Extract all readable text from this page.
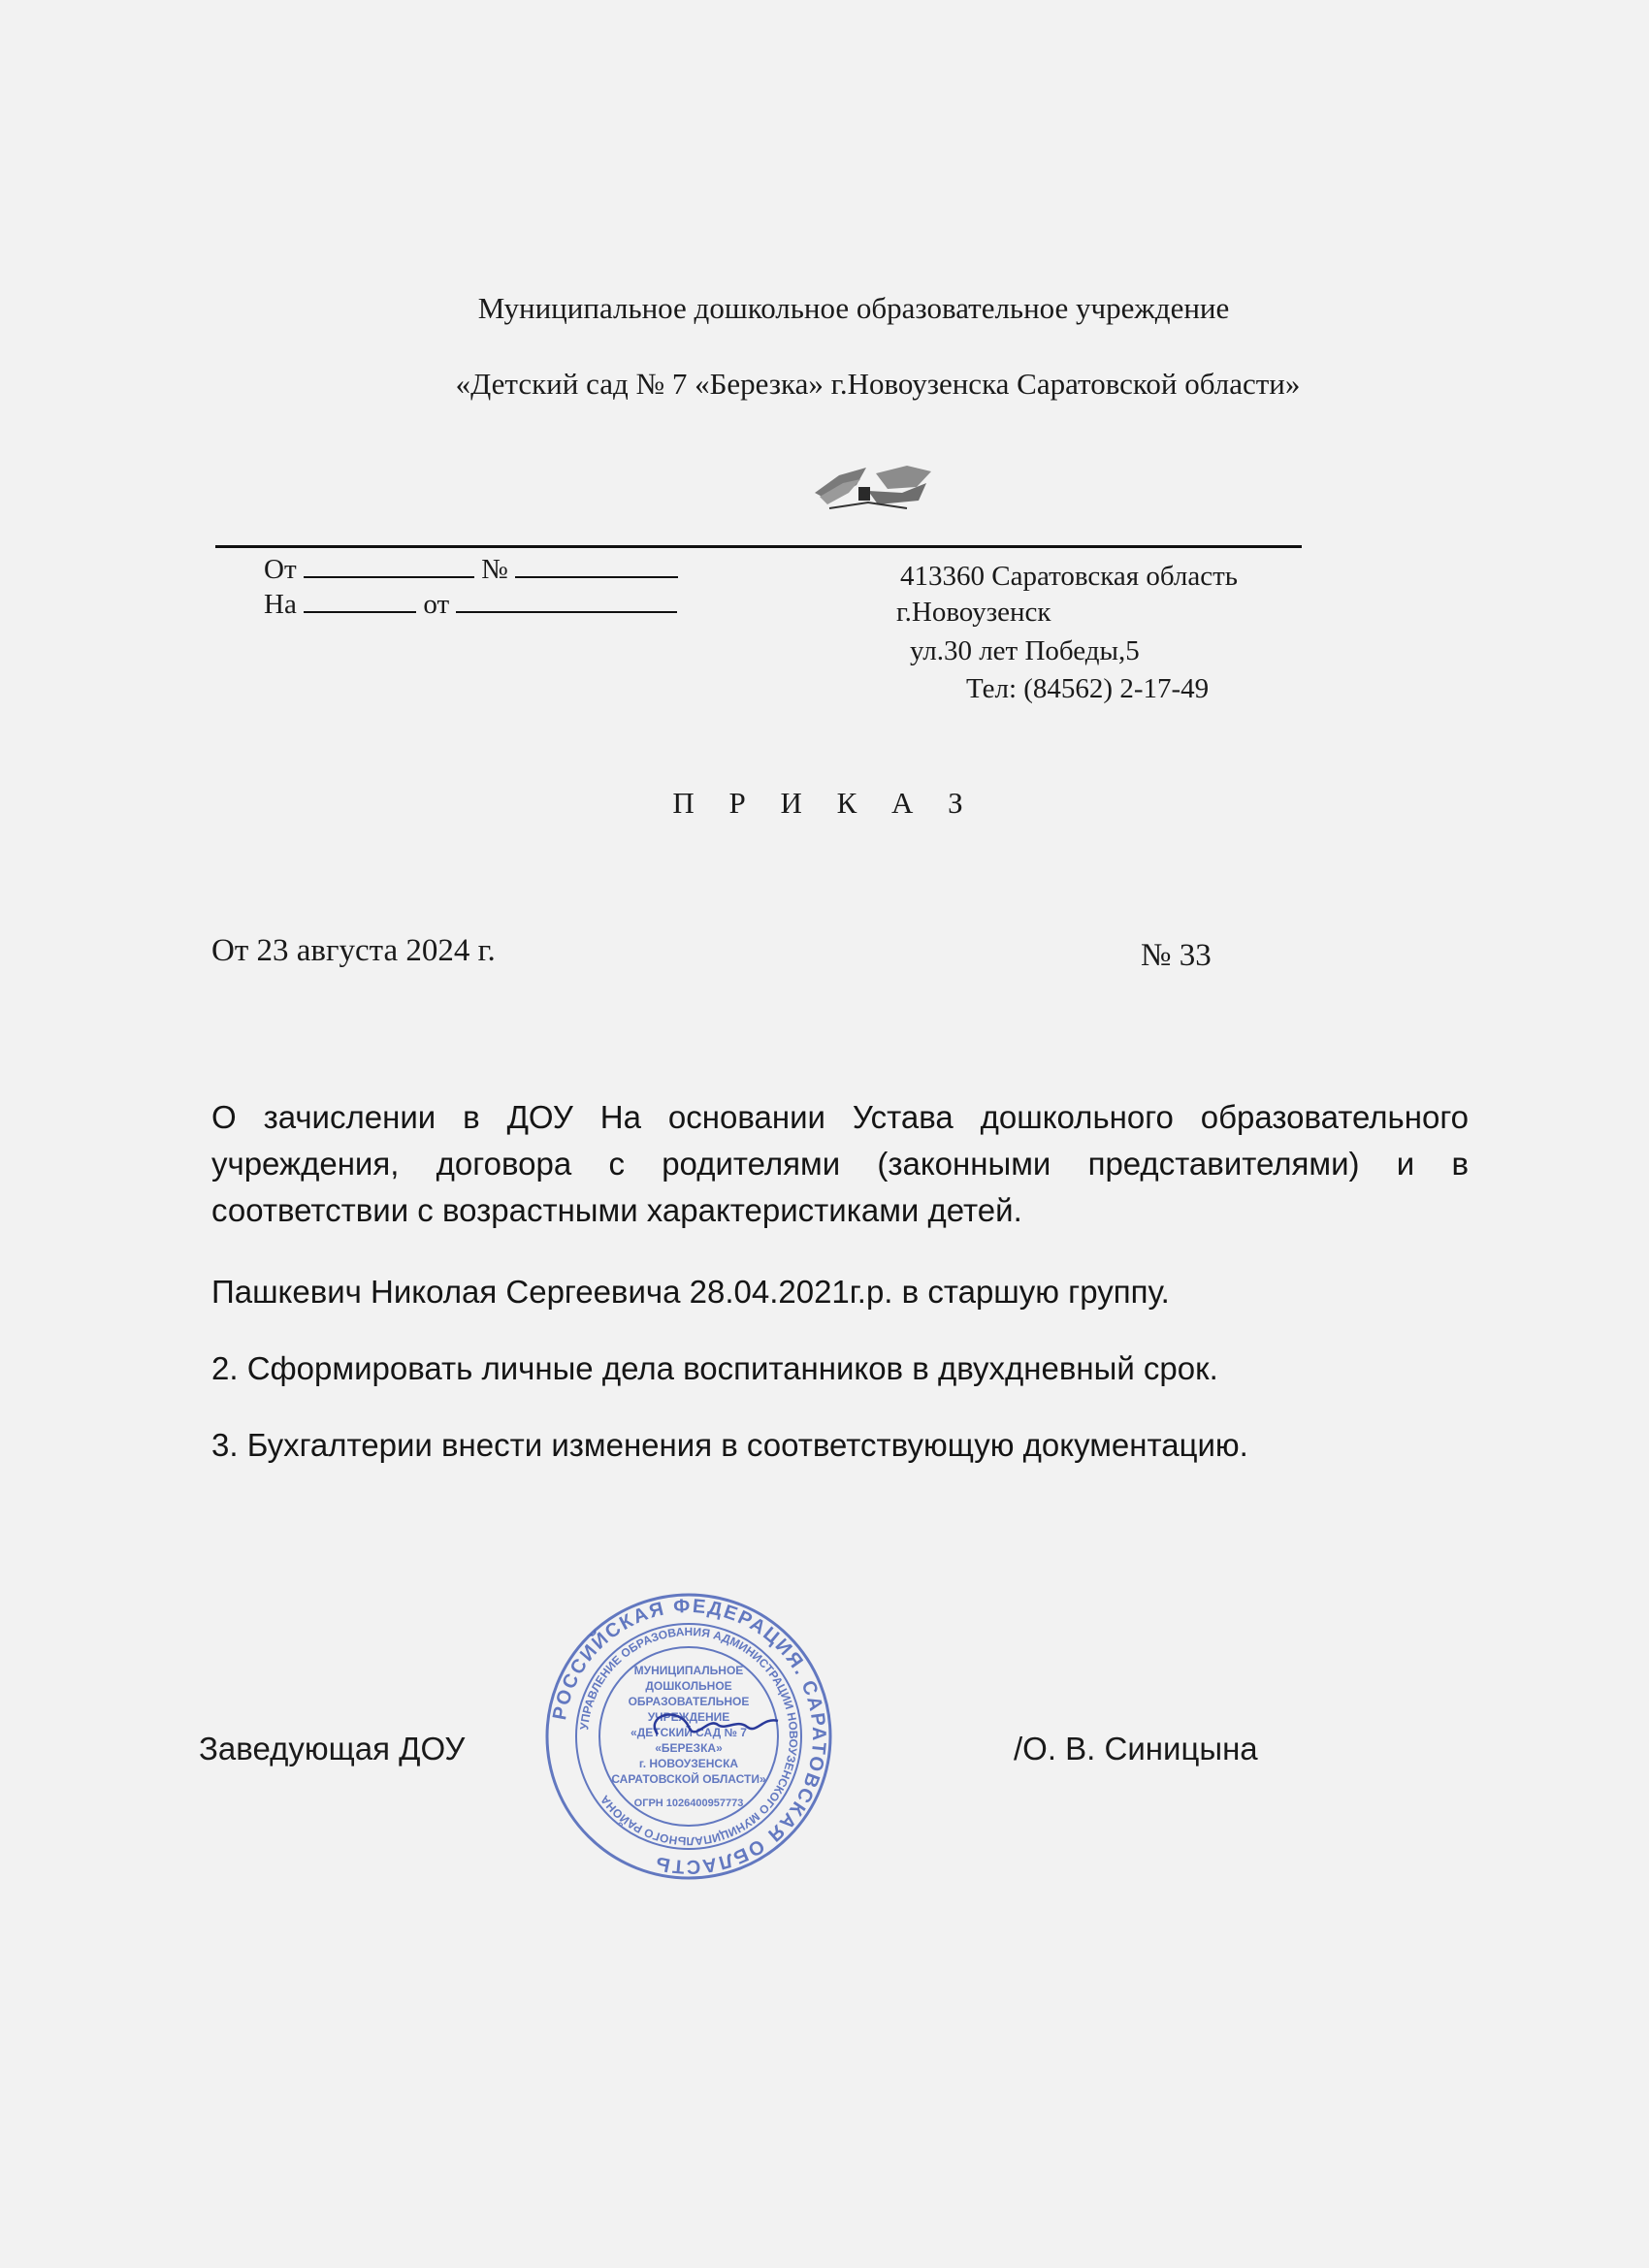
Муниципальное дошкольное образовательное учреждение
«Детский сад № 7 «Березка» г.Новоузенска Саратовской области»
От	№
На	от
413360 Саратовская область
г.Новоузенск
ул.30 лет Победы,5
Тел: (84562) 2-17-49
П Р И К А З
От 23 августа 2024 г.	№ 33
О зачислении в ДОУ На основании Устава дошкольного образовательного учреждения, договора с родителями (законными представителями) и в соответствии с возрастными характеристиками детей.
Пашкевич Николая Сергеевича 28.04.2021г.р. в старшую группу.
2. Сформировать личные дела воспитанников в двухдневный срок.
3. Бухгалтерии внести изменения в соответствующую документацию.
Заведующая ДОУ
РОССИЙСКАЯ ФЕДЕРАЦИЯ. САРАТОВСКАЯ ОБЛАСТЬ
УПРАВЛЕНИЕ ОБРАЗОВАНИЯ АДМИНИСТРАЦИИ НОВОУЗЕНСКОГО МУНИЦИПАЛЬНОГО РАЙОНА
МУНИЦИПАЛЬНОЕ
ДОШКОЛЬНОЕ
ОБРАЗОВАТЕЛЬНОЕ
УЧРЕЖДЕНИЕ
«ДЕТСКИЙ САД № 7
«БЕРЕЗКА»
г. НОВОУЗЕНСКА
САРАТОВСКОЙ ОБЛАСТИ»
ОГРН 1026400957773
/О. В. Синицына
